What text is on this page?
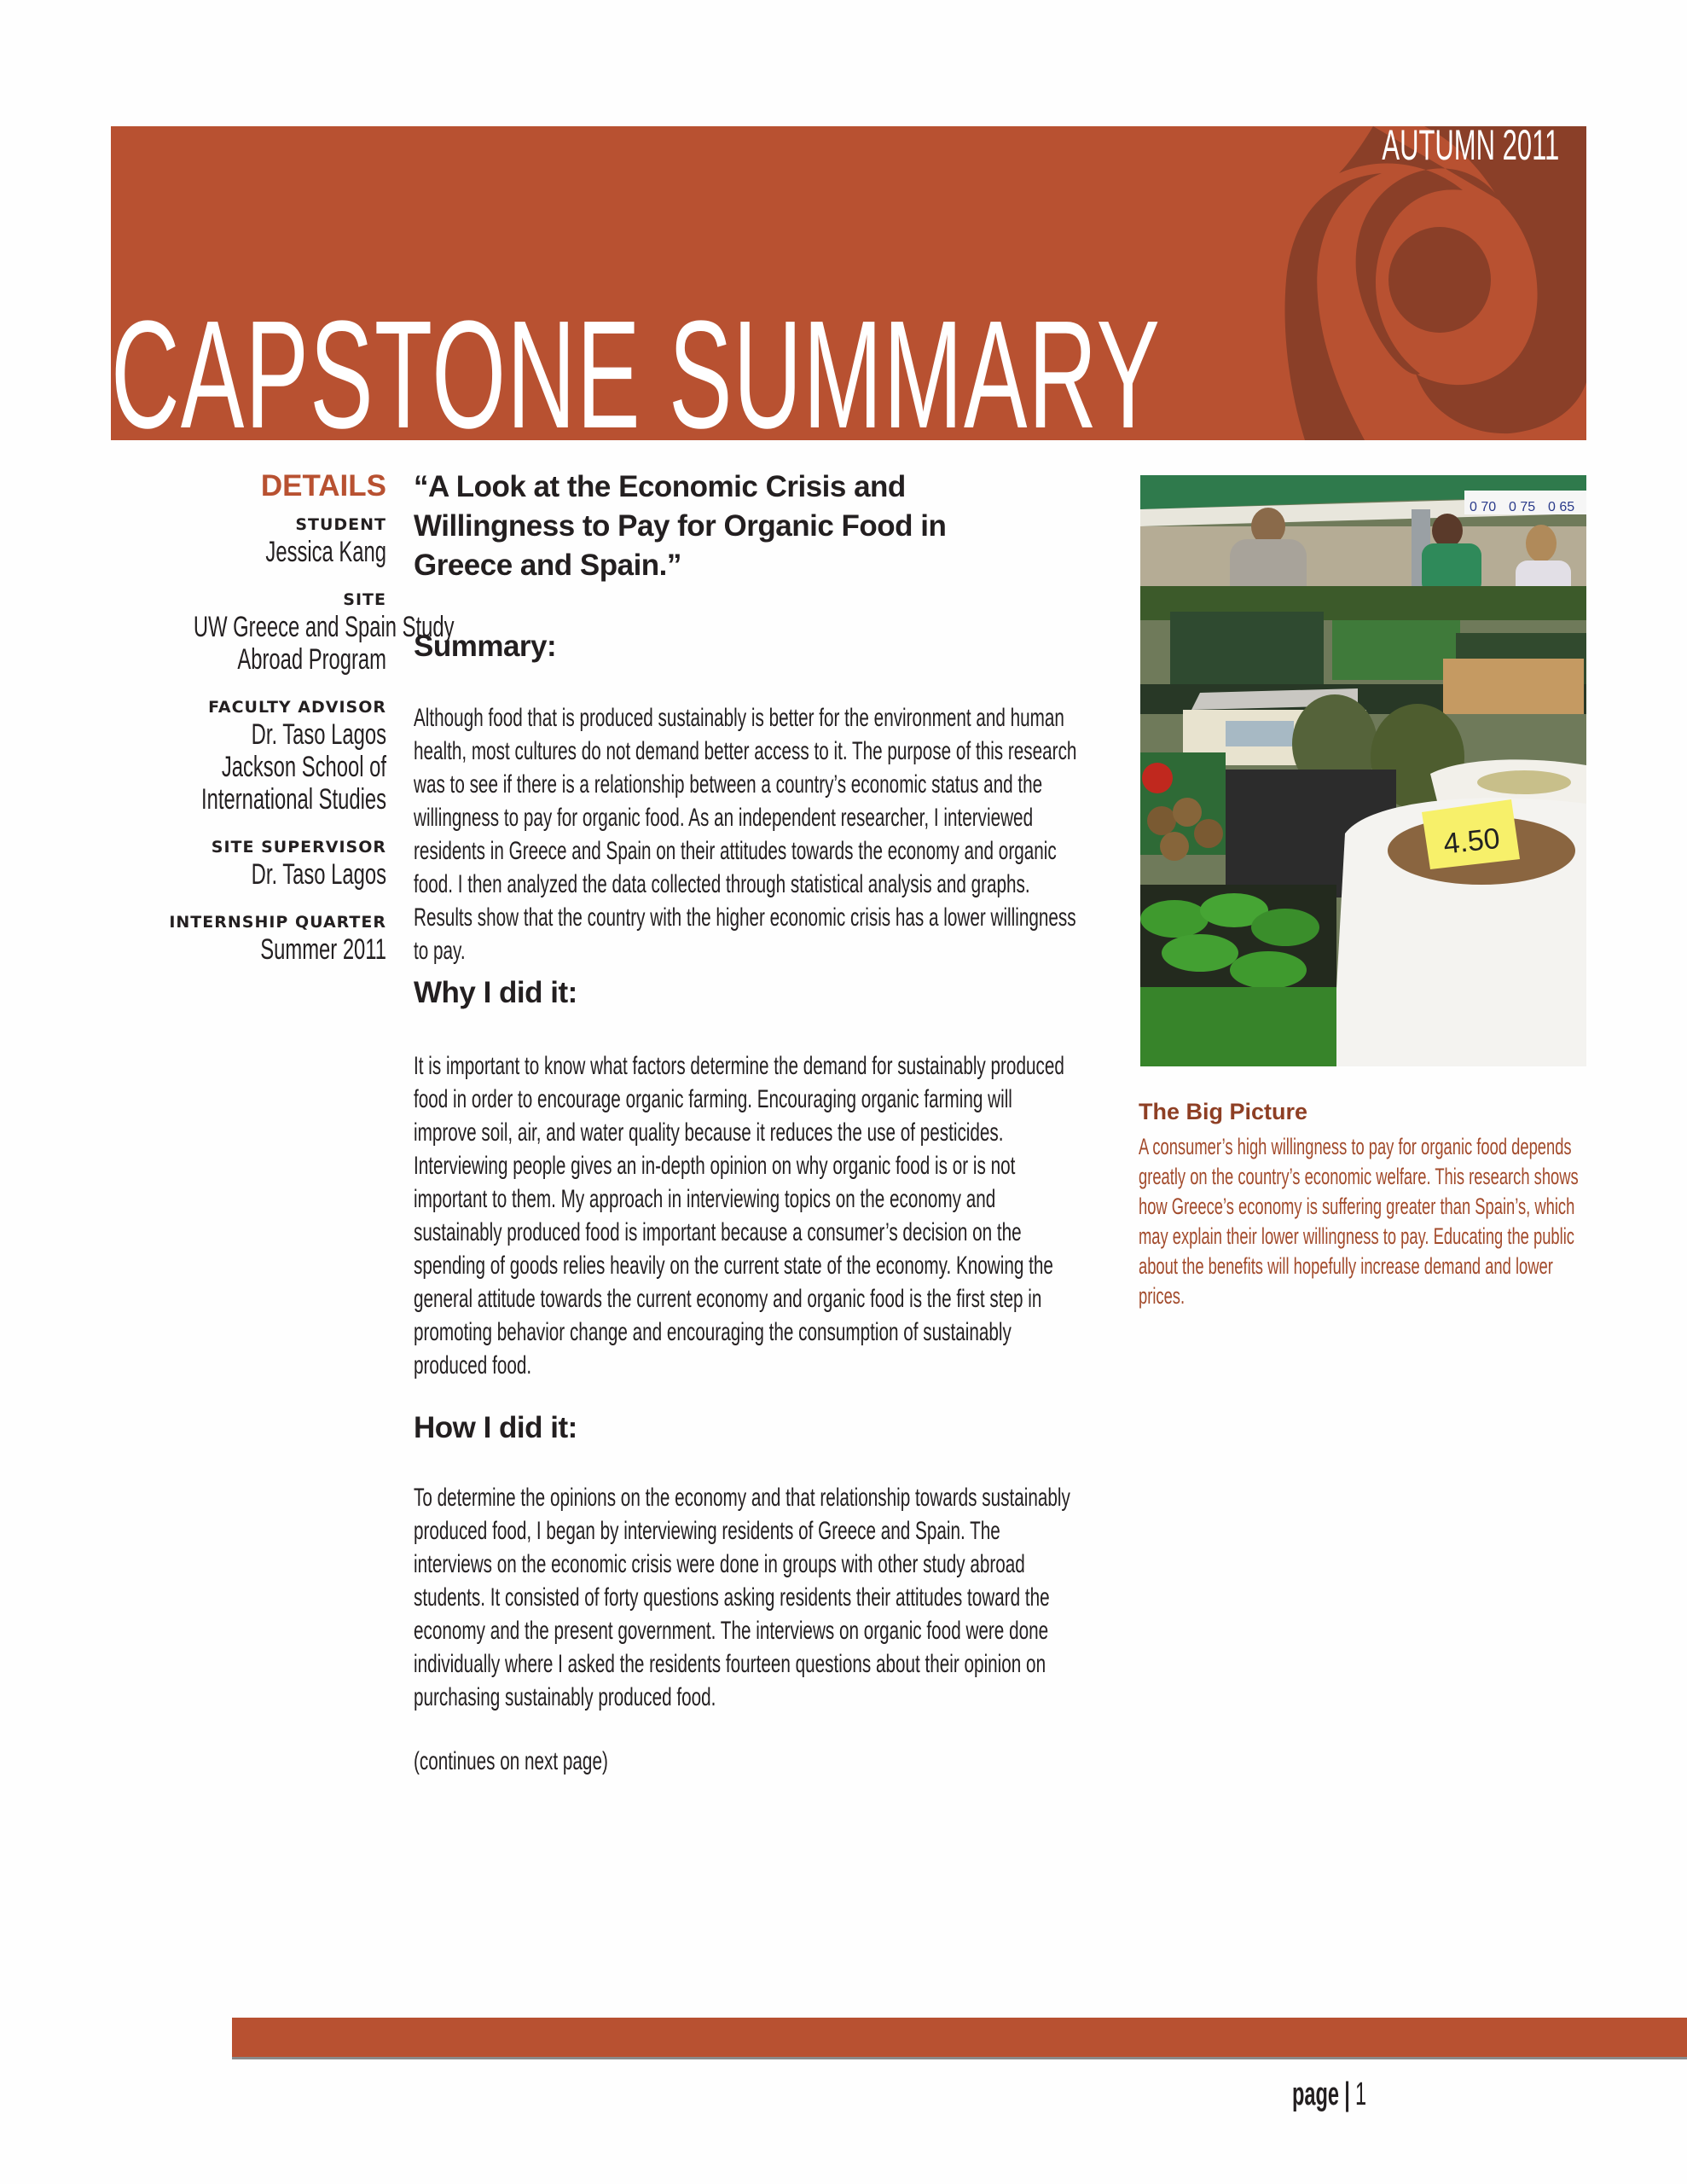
CAPSTONE SUMMARY
AUTUMN 2011
DETAILS
STUDENT
Jessica Kang
SITE
UW Greece and Spain Study
Abroad Program
FACULTY ADVISOR
Dr. Taso Lagos
Jackson School of
International Studies
SITE SUPERVISOR
Dr. Taso Lagos
INTERNSHIP QUARTER
Summer 2011
“A Look at the Economic Crisis and
Willingness to Pay for Organic Food in
Greece and Spain.”
Summary:

Although food that is produced sustainably is better for the environment and human health, most cultures do not demand better access to it. The purpose of this research was to see if there is a relationship between a country’s economic status and the willingness to pay for organic food. As an independent researcher, I interviewed residents in Greece and Spain on their attitudes towards the economy and organic food. I then analyzed the data collected through statistical analysis and graphs. Results show that the country with the higher economic crisis has a lower willingness to pay.

Why I did it:

It is important to know what factors determine the demand for sustainably produced food in order to encourage organic farming. Encouraging organic farming will improve soil, air, and water quality because it reduces the use of pesticides. Interviewing people gives an in-depth opinion on why organic food is or is not important to them. My approach in interviewing topics on the economy and sustainably produced food is important because a consumer’s decision on the spending of goods relies heavily on the current state of the economy. Knowing the general attitude towards the current economy and organic food is the first step in promoting behavior change and encouraging the consumption of sustainably produced food.

How I did it:

To determine the opinions on the economy and that relationship towards sustainably produced food, I began by interviewing residents of Greece and Spain. The interviews on the economic crisis were done in groups with other study abroad students. It consisted of forty questions asking residents their attitudes toward the economy and the present government. The interviews on organic food were done individually where I asked the residents fourteen questions about their opinion on purchasing sustainably produced food.

(continues on next page)

0 70 0 75 0 65
4.50
The Big Picture

A consumer’s high willingness to pay for organic food depends greatly on the country’s economic welfare. This research shows how Greece’s economy is suffering greater than Spain’s, which may explain their lower willingness to pay. Educating the public about the benefits will hopefully increase demand and lower prices.

page | 1
